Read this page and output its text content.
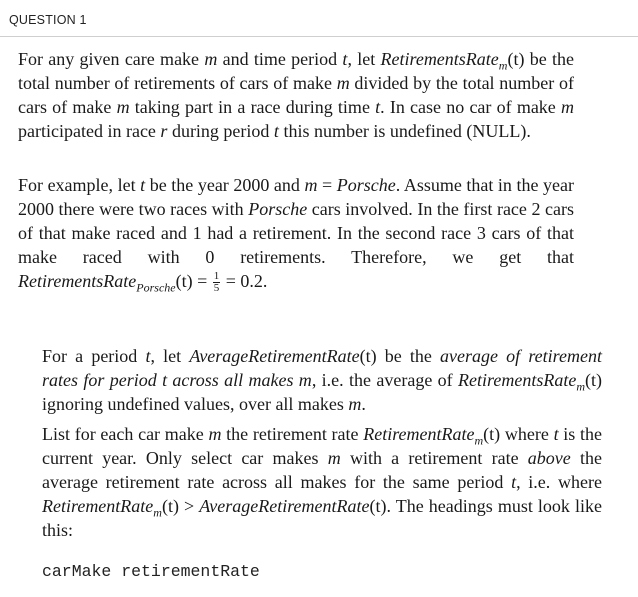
QUESTION 1

For any given care make m and time period t, let RetirementsRate$_m$(t) be the total number of retirements of cars of make m divided by the total number of cars of make m taking part in a race during time t. In case no car of make m participated in race r during period t this number is undefined (NULL).

For example, let t be the year 2000 and m = Porsche. Assume that in the year 2000 there were two races with Porsche cars involved. In the first race 2 cars of that make raced and 1 had a retirement. In the second race 3 cars of that make raced with 0 retirements. Therefore, we get that RetirementsRate$_{Porsche}$(t) = $\frac{1}{5} = 0.2$.

For a period t, let AverageRetirementRate(t) be the average of retirement rates for period t across all makes m, i.e. the average of RetirementsRate$_m$(t) ignoring undefined values, over all makes m.

List for each car make m the retirement rate RetirementRate$_m$(t) where t is the current year. Only select car makes m with a retirement rate above the average retirement rate across all makes for the same period t, i.e. where RetirementRate$_m$(t) > AverageRetirementRate(t). The headings must look like this:

carMake retirementRate
